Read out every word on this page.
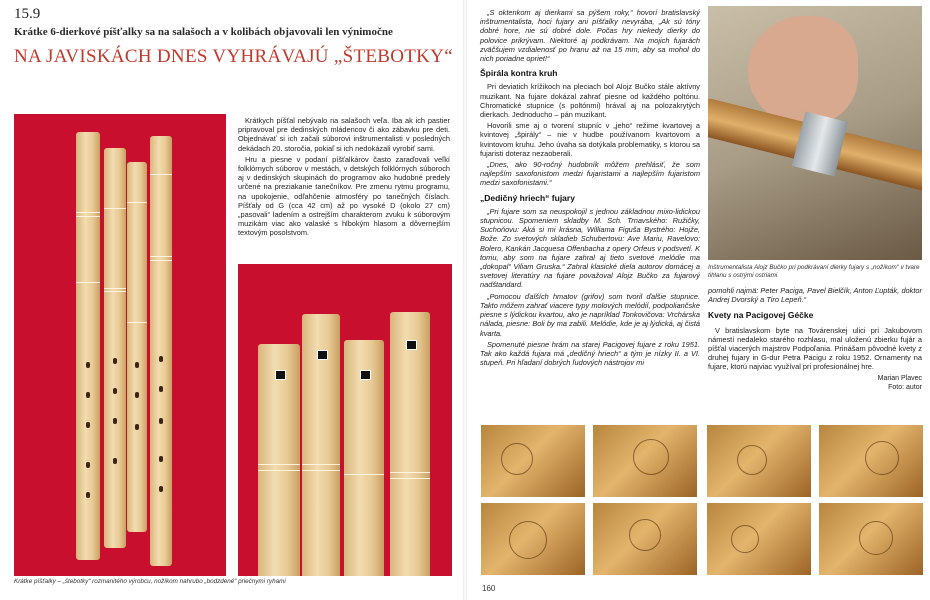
15.9
Krátke 6-dierkové píšťalky sa na salašoch a v kolibách objavovali len výnimočne
NA JAVISKÁCH DNES VYHRÁVAJÚ „ŠTEBOTKY“
Krátke píšťalky – „štebotky“ rozmanitého výrobcu, nožíkom nahrubo „bodzdené“ priečnymi ryhami

Krátkych píšťal nebývalo na salašoch veľa. Iba ak ich pastier pripravoval pre dedinských mládencov či ako zábavku pre deti. Objednávať si ich začali súborovi inštrumentalisti v posledných dekádach 20. storočia, pokiaľ si ich nedokázali vyrobiť sami.

Hru a piesne v podaní píšťalkárov často zaraďovali veľkí folklórnych súborov v mestách, v detských folklórnych súboroch aj v dedinských skupinách do programov ako hudobné predely určené na preziakanie tanečníkov. Pre zmenu rytmu programu, na upokojenie, odľahčenie atmosféry po tanečných číslach. Píšťaly od G (cca 42 cm) až po vysoké D (okolo 27 cm) „pasovali“ ladením a ostrejším charakterom zvuku k súborovým muzikám viac ako valaské s hlbokým hlasom a dôvernejším textovým posolstvom.

„S oktenkom aj dierkami sa pýšem roky,“ hovorí bratislavský inštrumentalista, hoci fujary ani píšťalky nevyrába, „Ak sú tóny dobré hore, nie sú dobré dole. Počas hry niekedy dierky do polovice prikrývam. Niektoré aj podkrávam. Na mojich fujarách zväčšujem vzdialenosť po hranu až na 15 mm, aby sa mohol do nich poriadne opriet!“

Špirála kontra kruh

Pri deviatich krížikoch na pleciach bol Alojz Bučko stále aktívny muzikant. Na fujare dokázal zahrať piesne od každého poltónu. Chromatické stupnice (s poltónmi) hrával aj na polozakrytých dierkach. Jednoducho – pán muzikant.

Hovorili sme aj o tvorení stupníc v „jeho“ režime kvartovej a kvintovej „špirály“ – nie v hudbe používanom kvartovom a kvintovom kruhu. Jeho úvaha sa dotýkala problematiky, s ktorou sa fujaristi doteraz nezaoberali.

„Dnes, ako 90-ročný hudobník môžem prehlásiť, že som najlepším saxofonistom medzi fujaristami a najlepším fujaristom medzi saxofonistami.“

„Dedičný hriech“ fujary

„Pri fujare som sa neuspokojil s jednou základnou mixo-lidickou stupnicou. Spomeniem skladby M. Sch. Trnavského: Ružičky, Suchoňovu: Aká si mi krásna, Williama Figuša Bystrého: Hojže, Bože. Zo svetových skladieb Schubertovu: Ave Mariu, Ravelovo: Bolero, Kankán Jacquesa Offenbacha z opery Orfeus v podsvetí. K tomu, aby som na fujare zahral aj tieto svetové melódie ma „dokopal“ Viliam Gruska.“ Zahral klasické diela autorov domácej a svetovej literatúry na fujare považoval Alojz Bučko za fujarový nadštandard.

„Pomocou ďalších hmatov (grifov) som tvoril ďalšie stupnice. Takto môžem zahrať viacere typy molových melódií, podpoliančske piesne s lýdickou kvartou, ako je napríklad Tonkovičova: Vrchárska nálada, piesne: Boli by ma zabili. Melódie, kde je aj lýdická, aj čistá kvarta.

Spomenuté piesne hrám na starej Pacigovej fujare z roku 1951. Tak ako každá fujara má „dedičný hriech“ a tým je nízky II. a VI. stupeň. Pri hľadaní dobrých ľudových nástrojov mi

Inštrumentalista Alojz Bučko pri podkrávaní dierky fujary s „nožíkom“ v tvare tihlanu s ostrými ostriami

pomohli najmä: Peter Paciga, Pavel Bielčík, Anton Ľupták, doktor Andrej Dvorský a Tiro Lepeň.“

Kvety na Pacigovej Géčke

V bratislavskom byte na Továrenskej ulici pri Jakubovom námestí nedaleko starého rozhlasu, mal uloženú zbierku fujár a píšťal viacerých majstrov Podpoľania. Prinášam pôvodné kvety z druhej fujary in G-dur Petra Pacigu z roku 1952. Ornamenty na fujare, ktorú najviac využíval pri profesionálnej hre.

Marian Plavec
Foto: autor
160
